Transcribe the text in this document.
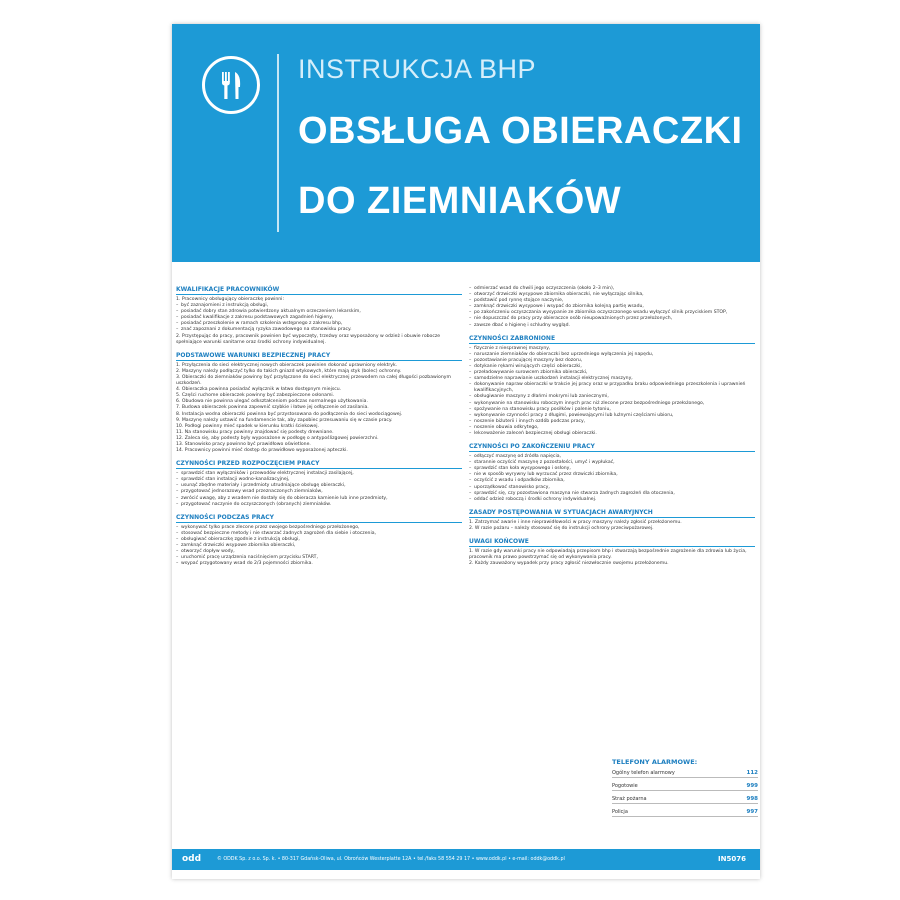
INSTRUKCJA BHP
OBSŁUGA OBIERACZKI
DO ZIEMNIAKÓW
KWALIFIKACJE PRACOWNIKÓW
1. Pracownicy obsługujący obieraczkę powinni:
– być zaznajomieni z instrukcją obsługi,
– posiadać dobry stan zdrowia potwierdzony aktualnym orzeczeniem lekarskim,
– posiadać kwalifikacje z zakresu podstawowych zagadnień higieny,
– posiadać przeszkolenie w ramach szkolenia wstępnego z zakresu bhp,
– znać zapoznani z dokumentacją ryzyka zawodowego na stanowisku pracy.
2. Przystępując do pracy, pracownik powinien być wypoczęty, trzeźwy oraz wyposażony w odzież i obuwie robocze spełniające warunki sanitarne oraz środki ochrony indywidualnej.
PODSTAWOWE WARUNKI BEZPIECZNEJ PRACY
1. Przyłączenia do sieci elektrycznej nowych obieraczek powinien dokonać uprawniony elektryk.
2. Maszyny należy podłączyć tylko do takich gniazd wtykowych, które mają styk (bolec) ochronny.
3. Obieraczki do ziemniaków powinny być przyłączone do sieci elektrycznej przewodem na całej długości pozbawionym uszkodzeń.
4. Obieraczka powinna posiadać wyłącznik w łatwo dostępnym miejscu.
5. Części ruchome obieraczek powinny być zabezpieczone osłonami.
6. Obudowa nie powinna ulegać odkształceniom podczas normalnego użytkowania.
7. Budowa obieraczek powinna zapewnić szybkie i łatwe jej odłączenie od zasilania.
8. Instalacja wodna obieraczki powinna być przystosowana do podłączenia do sieci wodociągowej.
9. Maszynę należy ustawić na fundamencie tak, aby zapobiec przesuwaniu się w czasie pracy.
10. Podłogi powinny mieć spadek w kierunku kratki ściekowej.
11. Na stanowisku pracy powinny znajdować się podesty drewniane.
12. Zaleca się, aby podesty były wyposażone w podłogę o antypoślizgowej powierzchni.
13. Stanowisko pracy powinno być prawidłowo oświetlone.
14. Pracownicy powinni mieć dostęp do prawidłowo wyposażonej apteczki.
CZYNNOŚCI PRZED ROZPOCZĘCIEM PRACY
– sprawdzić stan wyłączników i przewodów elektrycznej instalacji zasilającej,
– sprawdzić stan instalacji wodno-kanalizacyjnej,
– usunąć zbędne materiały i przedmioty utrudniające obsługę obieraczki,
– przygotować jednorazowy wsad przeznaczonych ziemniaków,
– zwrócić uwagę, aby z wsadem nie dostały się do obieracza kamienie lub inne przedmioty,
– przygotować naczynie do oczyszczonych (obranych) ziemniaków.
CZYNNOŚCI PODCZAS PRACY
– wykonywać tylko prace zlecone przez swojego bezpośredniego przełożonego,
– stosować bezpieczne metody i nie stwarzać żadnych zagrożeń dla siebie i otoczenia,
– obsługiwać obieraczkę zgodnie z instrukcją obsługi,
– zamknąć drzwiczki wsypowe zbiornika obieraczki,
– otworzyć dopływ wody,
– uruchomić pracę urządzenia naciśnięciem przycisku START,
– wsypać przygotowany wsad do 2/3 pojemności zbiornika.
– odmierzać wsad do chwili jego oczyszczenia (około 2–3 min),
– otworzyć drzwiczki wysypowe zbiornika obieraczki, nie wyłączając silnika,
– podstawić pod rynnę stojące naczynie,
– zamknąć drzwiczki wysypowe i wsypać do zbiornika kolejną partię wsadu,
– po zakończeniu oczyszczania wysypanie ze zbiornika oczyszczonego wsadu wyłączyć silnik przyciskiem STOP,
– nie dopuszczać do pracy przy obieraczce osób nieupoważnionych przez przełożonych,
– zawsze dbać o higienę i schludny wygląd.
CZYNNOŚCI ZABRONIONE
– fizycznie z niesprawnej maszyny,
– naruszanie ziemniaków do obieraczki bez uprzedniego wyłączenia jej napędu,
– pozostawianie pracującej maszyny bez dozoru,
– dotykanie rękami wirujących części obieraczki,
– przeładowywanie surowcem zbiornika obieraczki,
– samodzielne naprawianie uszkodzeń instalacji elektrycznej maszyny,
– dokonywanie napraw obieraczki w trakcie jej pracy oraz w przypadku braku odpowiedniego przeszkolenia i uprawnień kwalifikacyjnych,
– obsługiwanie maszyny z dłańmi mokrymi lub zaniecznymi,
– wykonywanie na stanowisku roboczym innych prac niż zlecone przez bezpośredniego przełożonego,
– spożywanie na stanowisku pracy posiłków i palenie tytoniu,
– wykonywanie czynności pracy z długimi, powiewającymi lub luźnymi częściami ubioru,
– noszenie biżuterii i innych ozdób podczas pracy,
– noszenie obuwia odkrytego,
– lekceważenie zaleceń bezpiecznej obsługi obieraczki.
CZYNNOŚCI PO ZAKOŃCZENIU PRACY
– odłączyć maszynę od źródła napięcia,
– starannie oczyścić maszynę z pozostałości, umyć i wypłukać,
– sprawdzić stan koła wysypowego i osłony,
– nie w sposób wyrywny lub wyrzucać przez drzwiczki zbiornika,
– oczyścić z wsadu i odpadków zbiornika,
– uporządkować stanowisko pracy,
– sprawdzić się, czy pozostawiona maszyna nie stwarza żadnych zagrożeń dla otoczenia,
– oddać odzież roboczą i środki ochrony indywidualnej.
ZASADY POSTĘPOWANIA W SYTUACJACH AWARYJNYCH
1. Zatrzymać awarie i inne nieprawidłowości w pracy maszyny należy zgłosić przełożonemu.
2. W razie pożaru – należy stosować się do instrukcji ochrony przeciwpożarowej.
UWAGI KOŃCOWE
1. W razie gdy warunki pracy nie odpowiadają przepisom bhp i stwarzają bezpośrednie zagrożenie dla zdrowia lub życia, pracownik ma prawo powstrzymać się od wykonywania pracy.
2. Każdy zauważony wypadek przy pracy zgłosić niezwłocznie swojemu przełożonemu.
TELEFONY ALARMOWE:
Ogólny telefon alarmowy	112
Pogotowie	999
Straż pożarna	998
Policja	997
odd	© ODDK Sp. z o.o. Sp. k. • 80-317 Gdańsk-Oliwa, ul. Obrońców Westerplatte 12A • tel./faks 58 554 29 17 • www.oddk.pl • e-mail: oddk@oddk.pl	IN5076
